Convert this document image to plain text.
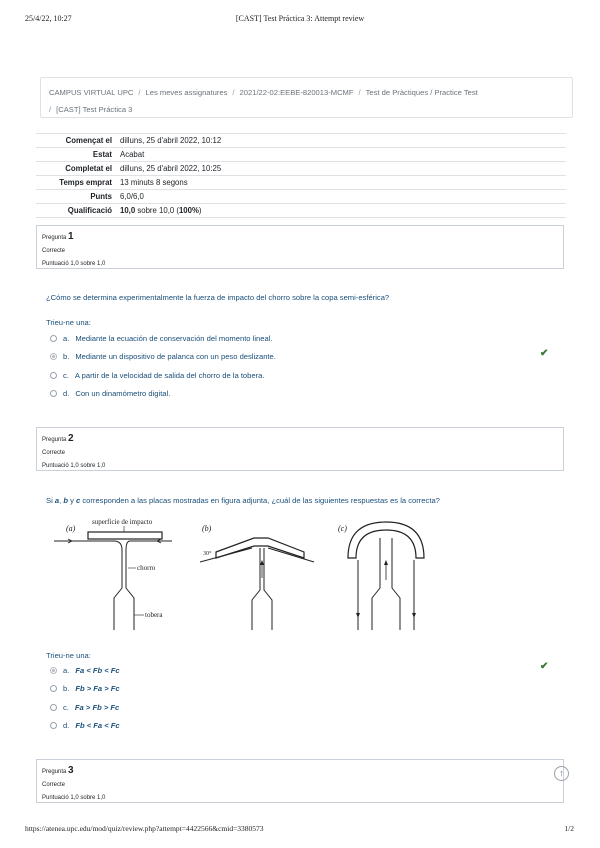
25/4/22, 10:27	[CAST] Test Práctica 3: Attempt review
CAMPUS VIRTUAL UPC / Les meves assignatures / 2021/22-02:EEBE-820013-MCMF / Test de Pràctiques / Practice Test
/ [CAST] Test Práctica 3
Començat el	dilluns, 25 d'abril 2022, 10:12
Estat	Acabat
Completat el	dilluns, 25 d'abril 2022, 10:25
Temps emprat	13 minuts 8 segons
Punts	6,0/6,0
Qualificació	10,0 sobre 10,0 (100%)
Pregunta 1
Correcte
Puntuació 1,0 sobre 1,0
¿Cómo se determina experimentalmente la fuerza de impacto del chorro sobre la copa semi-esférica?
Trieu-ne una:
a. Mediante la ecuación de conservación del momento lineal.
b. Mediante un dispositivo de palanca con un peso deslizante.
c. A partir de la velocidad de salida del chorro de la tobera.
d. Con un dinamómetro digital.
✔
Pregunta 2
Correcte
Puntuació 1,0 sobre 1,0
Si a, b y c corresponden a las placas mostradas en figura adjunta, ¿cuál de las siguientes respuestas es la correcta?
(a)
superficie de impacto
chorro
tobera
(b)
30°
(c)
Trieu-ne una:
a. Fa < Fb < Fc
b. Fb > Fa > Fc
c. Fa > Fb > Fc
d. Fb < Fa < Fc
✔
Pregunta 3
Correcte
Puntuació 1,0 sobre 1,0
↑
https://atenea.upc.edu/mod/quiz/review.php?attempt=4422566&cmid=3380573	1/2
